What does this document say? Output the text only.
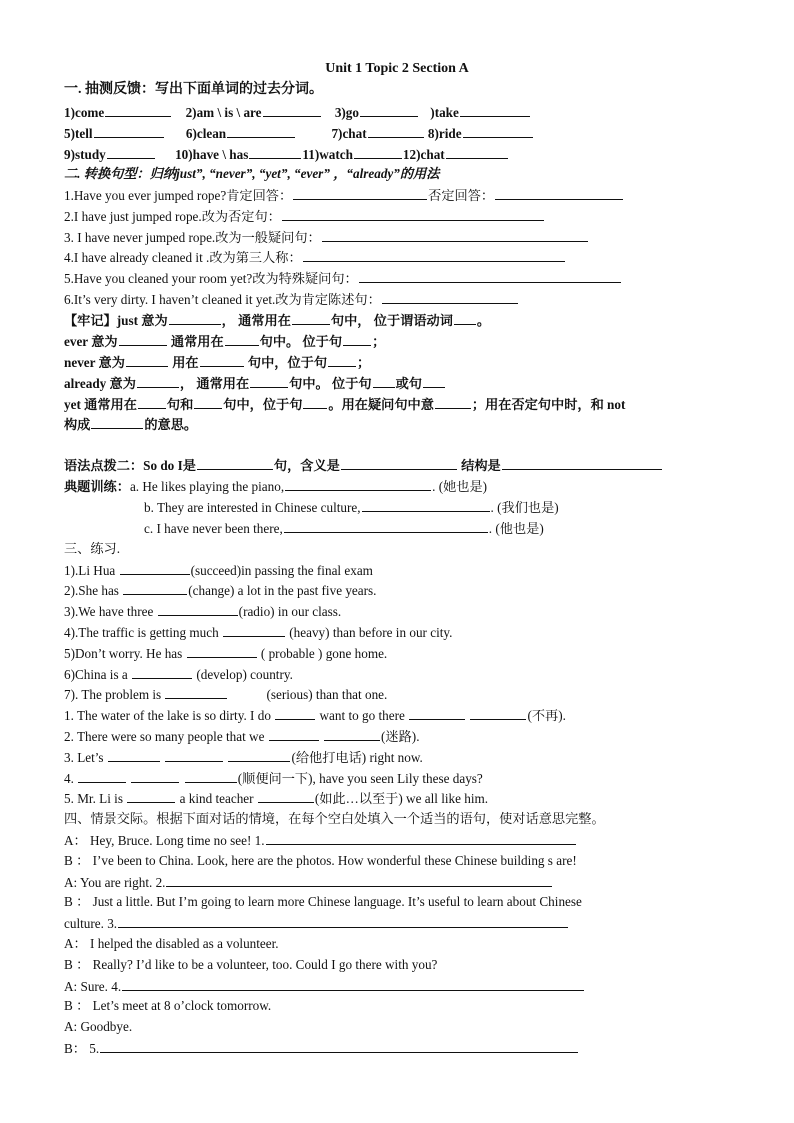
Unit 1 Topic 2 Section A
一. 抽测反馈：写出下面单词的过去分词。
1)come	2)am \ is \ are	3)go	)take
5)tell	6)clean	7)chat	8)ride
9)study	10)have \ has	11)watch	12)chat
二. 转换句型：归纳just”, “never”, “yet”, “ever” ，“already”的用法
1.Have you ever jumped rope?肯定回答：	否定回答：
2.I have just jumped rope.改为否定句：
3. I have never jumped rope.改为一般疑问句：
4.I have already cleaned it .改为第三人称：
5.Have you cleaned your room yet?改为特殊疑问句：
6.It’s very dirty. I haven’t cleaned it yet.改为肯定陈述句：
【牢记】just 意为	， 通常用在	句中， 位于谓语动词 。
ever 意为	通常用在	句中。 位于句 ；
never 意为	用在	句中，位于句 ；
already 意为	， 通常用在	句中。 位于句 或句
yet 通常用在 句和 句中，位于句 。用在疑问句中意	；用在否定句中时，和 not
构成	的意思。
语法点拨二：So do I是	句，含义是	结构是
典题训练：a. He likes playing the piano,	. (她也是)
b. They are interested in Chinese culture,	. (我们也是)
c. I have never been there,	. (他也是)
三、练习.
1).Li Hua	(succeed)in passing the final exam
2).She has	(change) a lot in the past five years.
3).We have three	(radio) in our class.
4).The traffic is getting much	(heavy) than before in our city.
5)Don’t worry. He has	( probable ) gone home.
6)China is a	(develop) country.
7). The problem is	(serious) than that one.
1. The water of the lake is so dirty. I do	want to go there	(不再).
2. There were so many people that we	(迷路).
3. Let’s	(给他打电话) right now.
4.	(顺便问一下), have you seen Lily these days?
5. Mr. Li is	a kind teacher	(如此…以至于) we all like him.
四、情景交际。根据下面对话的情境，在每个空白处填入一个适当的语句，使对话意思完整。
A： Hey, Bruce. Long time no see! 1.
B ： I’ve been to China. Look, here are the photos. How wonderful these Chinese building s are!
A: You are right. 2.
B ： Just a little. But I’m going to learn more Chinese language. It’s useful to learn about Chinese
culture. 3.
A： I helped the disabled as a volunteer.
B ： Really? I’d like to be a volunteer, too. Could I go there with you?
A: Sure. 4.
B ： Let’s meet at 8 o’clock tomorrow.
A: Goodbye.
B： 5.
